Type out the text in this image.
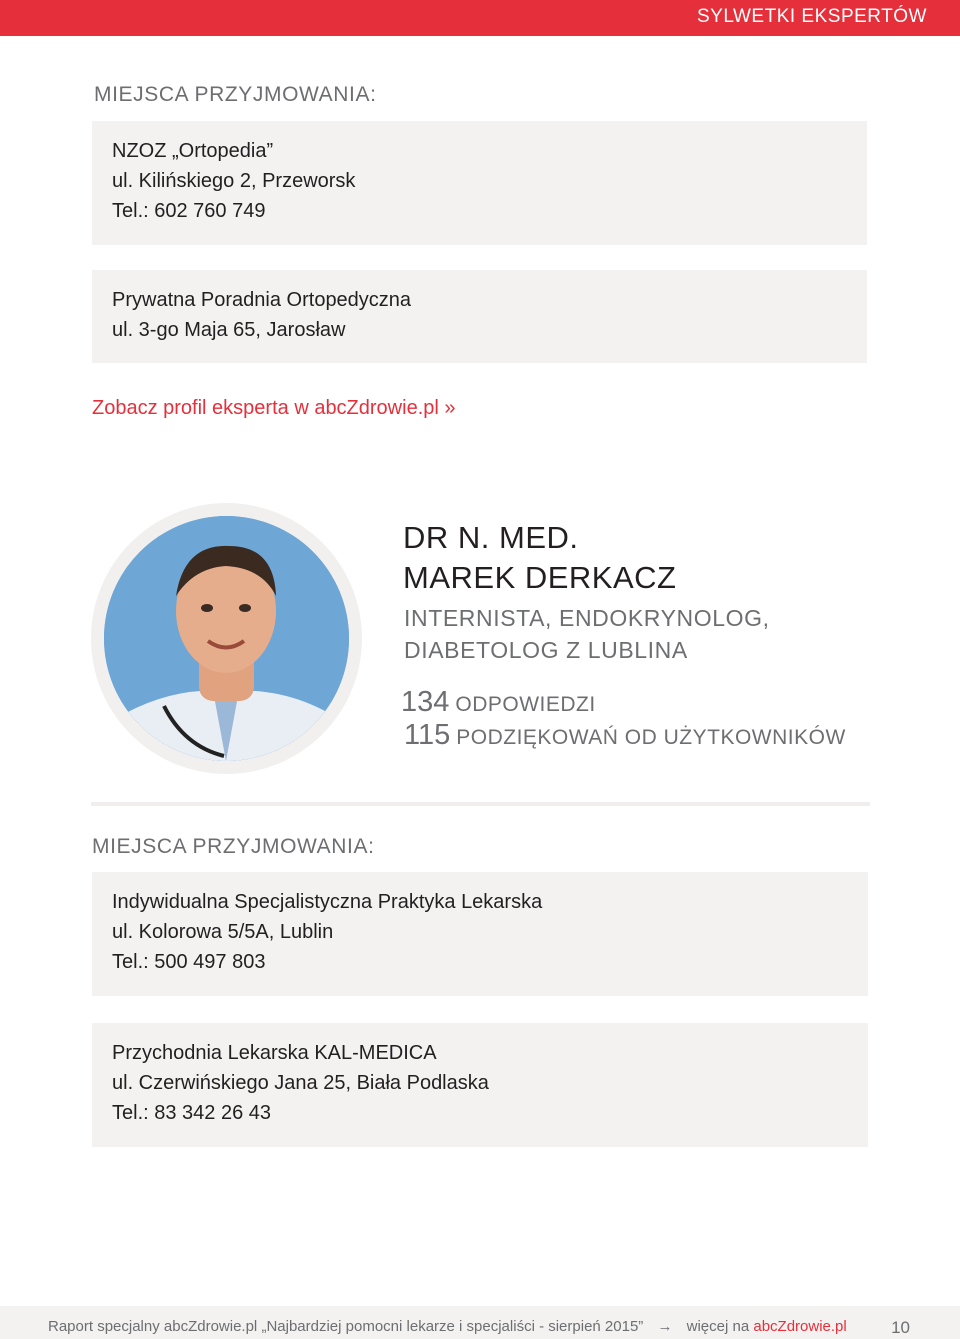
SYLWETKI EKSPERTÓW
MIEJSCA PRZYJMOWANIA:
NZOZ „Ortopedia”
ul. Kilińskiego 2, Przeworsk
Tel.: 602 760 749
Prywatna Poradnia Ortopedyczna
ul. 3-go Maja 65, Jarosław
Zobacz profil eksperta w abcZdrowie.pl »
DR N. MED.
MAREK DERKACZ
INTERNISTA, ENDOKRYNOLOG,
DIABETOLOG Z LUBLINA
134 ODPOWIEDZI
115 PODZIĘKOWAŃ OD UŻYTKOWNIKÓW
MIEJSCA PRZYJMOWANIA:
Indywidualna Specjalistyczna Praktyka Lekarska
ul. Kolorowa 5/5A, Lublin
Tel.: 500 497 803
Przychodnia Lekarska KAL-MEDICA
ul. Czerwińskiego Jana 25, Biała Podlaska
Tel.: 83 342 26 43
Raport specjalny abcZdrowie.pl „Najbardziej pomocni lekarze i specjaliści - sierpień 2015” → więcej na abcZdrowie.pl	10
